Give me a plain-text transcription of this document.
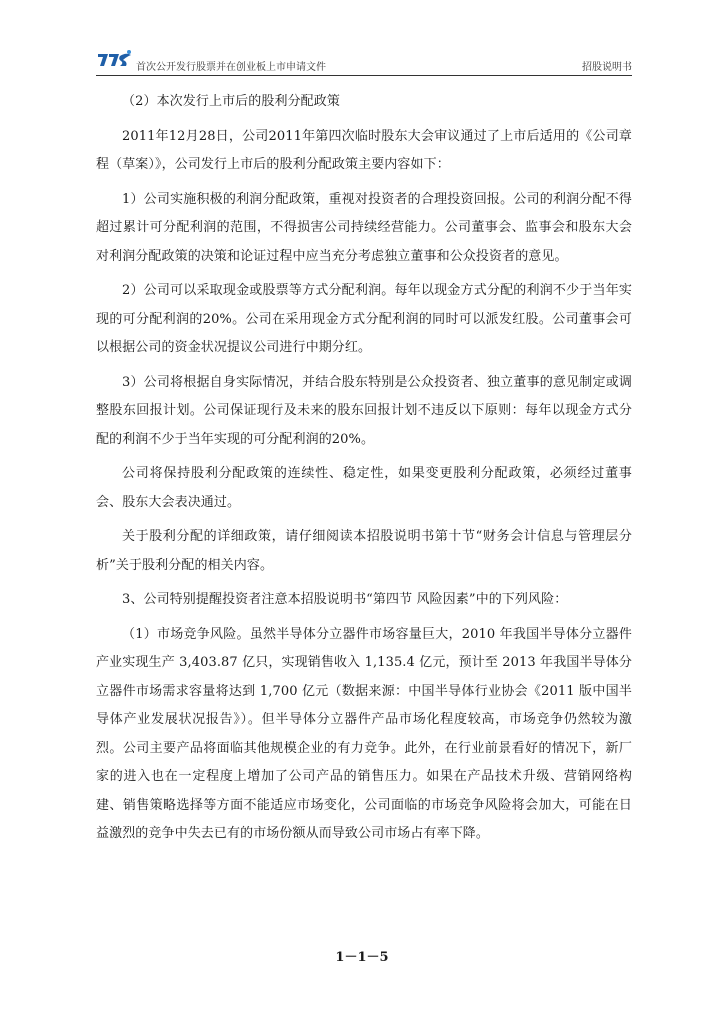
首次公开发行股票并在创业板上市申请文件	招股说明书

（2）本次发行上市后的股利分配政策

2011年12月28日，公司2011年第四次临时股东大会审议通过了上市后适用的《公司章程（草案）》，公司发行上市后的股利分配政策主要内容如下：

1）公司实施积极的利润分配政策，重视对投资者的合理投资回报。公司的利润分配不得超过累计可分配利润的范围，不得损害公司持续经营能力。公司董事会、监事会和股东大会对利润分配政策的决策和论证过程中应当充分考虑独立董事和公众投资者的意见。

2）公司可以采取现金或股票等方式分配利润。每年以现金方式分配的利润不少于当年实现的可分配利润的20%。公司在采用现金方式分配利润的同时可以派发红股。公司董事会可以根据公司的资金状况提议公司进行中期分红。

3）公司将根据自身实际情况，并结合股东特别是公众投资者、独立董事的意见制定或调整股东回报计划。公司保证现行及未来的股东回报计划不违反以下原则：每年以现金方式分配的利润不少于当年实现的可分配利润的20%。

公司将保持股利分配政策的连续性、稳定性，如果变更股利分配政策，必须经过董事会、股东大会表决通过。

关于股利分配的详细政策，请仔细阅读本招股说明书第十节“财务会计信息与管理层分析”关于股利分配的相关内容。

3、公司特别提醒投资者注意本招股说明书“第四节 风险因素”中的下列风险：

（1）市场竞争风险。虽然半导体分立器件市场容量巨大，2010 年我国半导体分立器件产业实现生产 3,403.87 亿只，实现销售收入 1,135.4 亿元，预计至 2013 年我国半导体分立器件市场需求容量将达到 1,700 亿元（数据来源：中国半导体行业协会《2011 版中国半导体产业发展状况报告》）。但半导体分立器件产品市场化程度较高，市场竞争仍然较为激烈。公司主要产品将面临其他规模企业的有力竞争。此外，在行业前景看好的情况下，新厂家的进入也在一定程度上增加了公司产品的销售压力。如果在产品技术升级、营销网络构建、销售策略选择等方面不能适应市场变化，公司面临的市场竞争风险将会加大，可能在日益激烈的竞争中失去已有的市场份额从而导致公司市场占有率下降。

1－1－5
